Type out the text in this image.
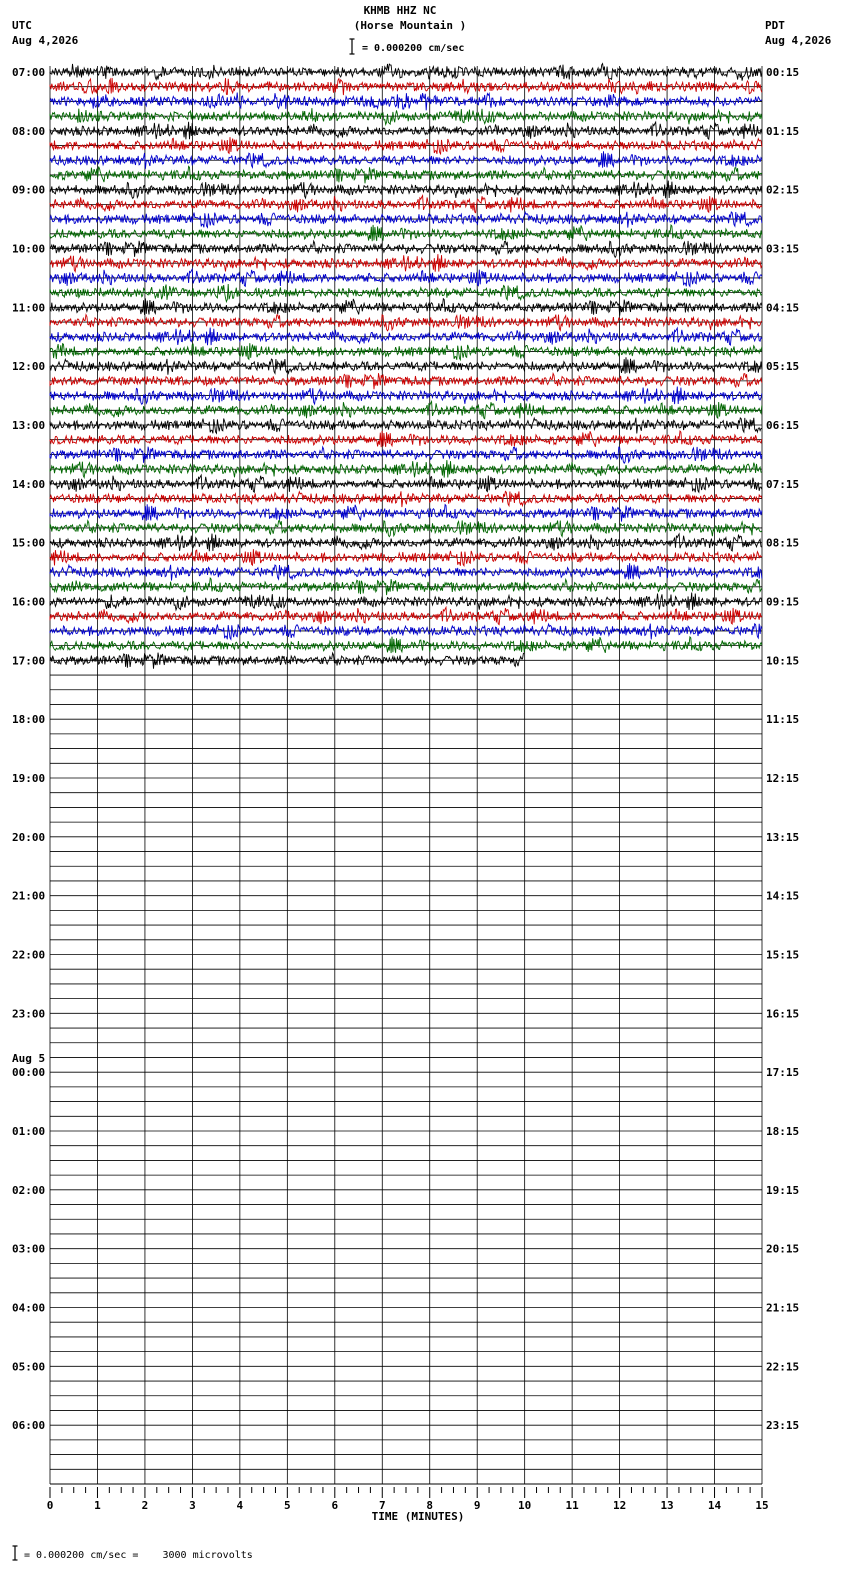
KHMB HHZ NC
(Horse Mountain )
UTC
Aug 4,2026
PDT
Aug 4,2026
= 0.000200 cm/sec
= 0.000200 cm/sec =    3000 microvolts
07:00
08:00
09:00
10:00
11:00
12:00
13:00
14:00
15:00
16:00
17:00
18:00
19:00
20:00
21:00
22:00
23:00
00:00
01:00
02:00
03:00
04:00
05:00
06:00
00:15
01:15
02:15
03:15
04:15
05:15
06:15
07:15
08:15
09:15
10:15
11:15
12:15
13:15
14:15
15:15
16:15
17:15
18:15
19:15
20:15
21:15
22:15
23:15
Aug 5
0	1	2	3	4	5	6	7	8	9	10	11	12	13	14	15
TIME (MINUTES)
